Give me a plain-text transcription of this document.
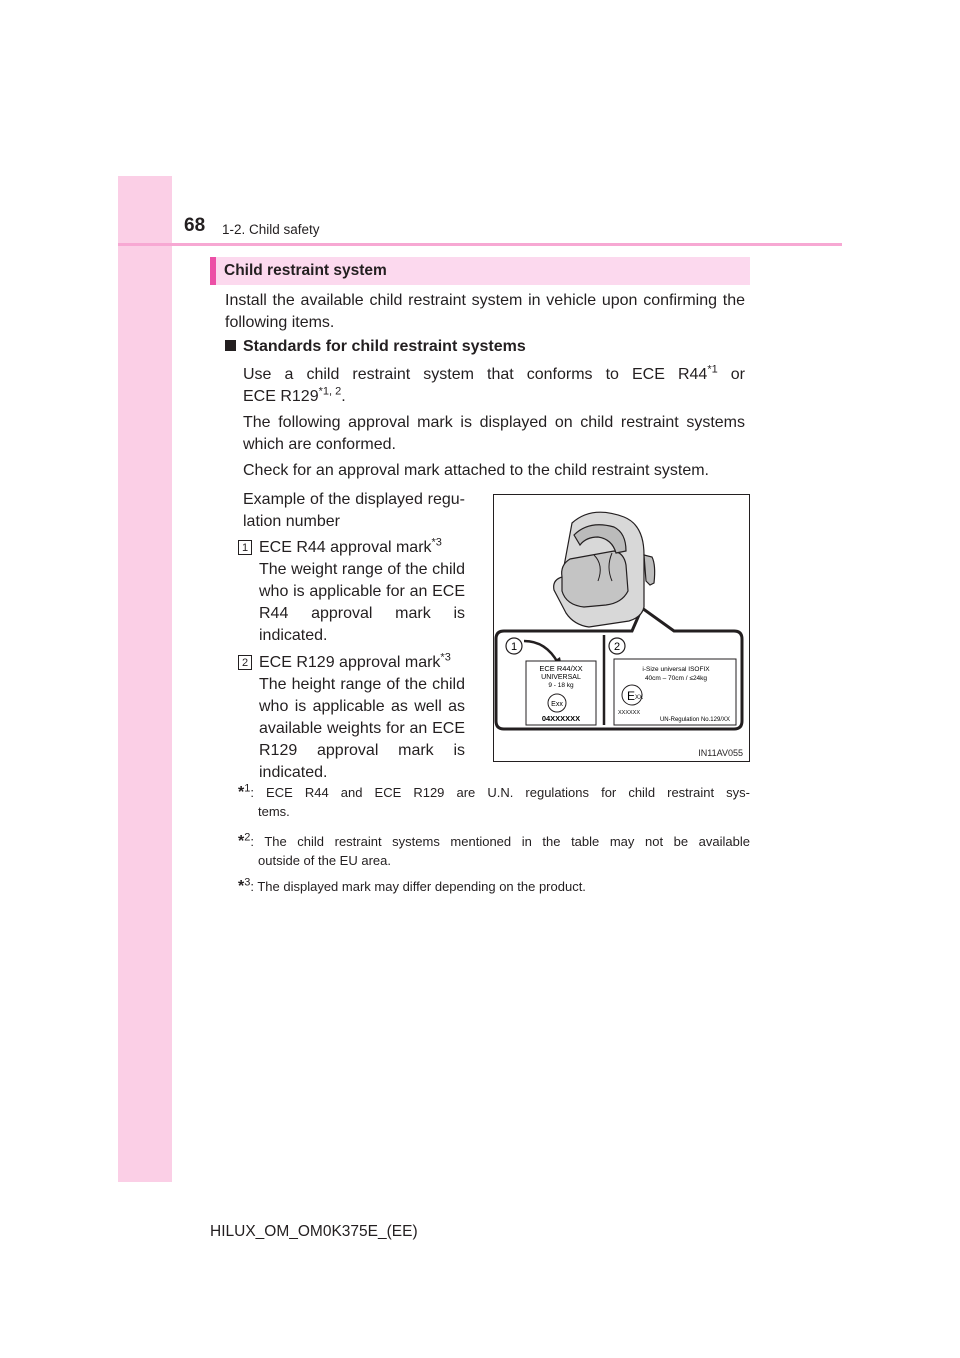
68 1-2. Child safety
Child restraint system
Install the available child restraint system in vehicle upon confirming the following items.
Standards for child restraint systems
Use a child restraint system that conforms to ECE R44$^{*1}$ or
ECE R129$^{*1, 2}$.
The following approval mark is displayed on child restraint systems which are conformed.
Check for an approval mark attached to the child restraint system.
Example of the displayed regu- lation number
1 ECE R44 approval mark$^{*3}$
The weight range of the child who is applicable for an ECE R44 approval mark is indicated.
2 ECE R129 approval mark$^{*3}$
The height range of the child who is applicable as well as available weights for an ECE R129 approval mark is indicated.
1	2
ECE R44/XX
UNIVERSAL
9 - 18 kg
Exx
04XXXXXX
i-Size universal ISOFIX
40cm – 70cm / ≤24kg
E XX
XXXXXX
UN-Regulation No.129/XX
IN11AV055
*$^1$: ECE R44 and ECE R129 are U.N. regulations for child restraint sys-
tems.
*$^2$: The child restraint systems mentioned in the table may not be available
outside of the EU area.
*$^3$: The displayed mark may differ depending on the product.
HILUX_OM_OM0K375E_(EE)
